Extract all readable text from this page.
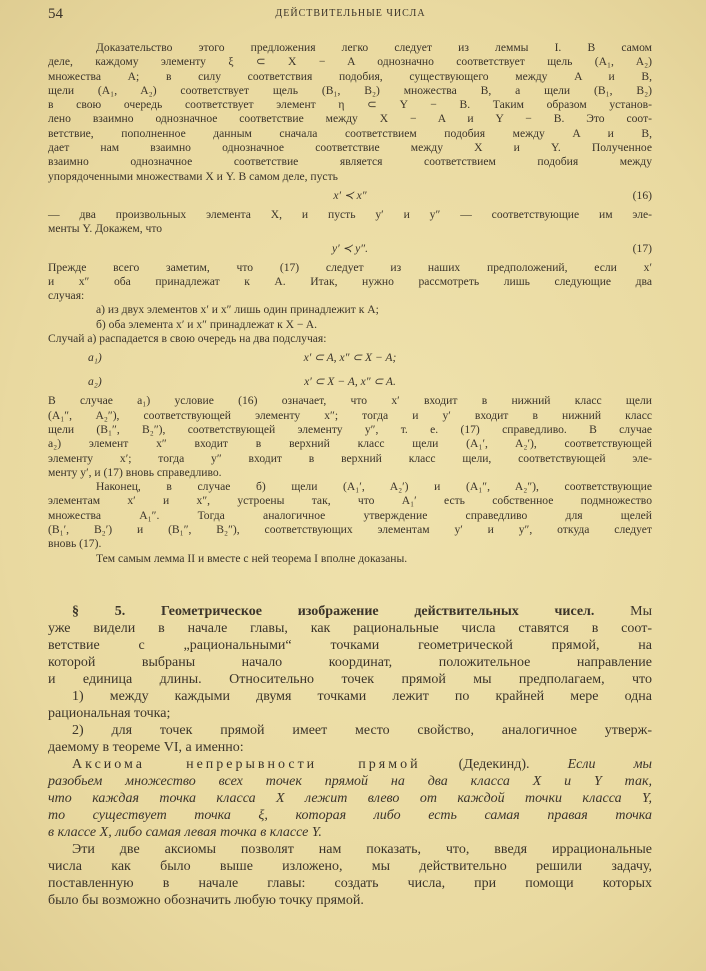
54	ДЕЙСТВИТЕЛЬНЫЕ ЧИСЛА
Доказательство этого предложения легко следует из леммы I. В самом
деле, каждому элементу ξ ⊂ X − A однозначно соответствует щель (A₁, A₂)
множества A; в силу соответствия подобия, существующего между A и B,
щели (A₁, A₂) соответствует щель (B₁, B₂) множества B, а щели (B₁, B₂)
в свою очередь соответствует элемент η ⊂ Y − B. Таким образом установ-
лено взаимно однозначное соответствие между X − A и Y − B. Это соот-
ветствие, пополненное данным сначала соответствием подобия между A и B,
дает нам взаимно однозначное соответствие между X и Y. Полученное
взаимно однозначное соответствие является соответствием подобия между
упорядоченными множествами X и Y. В самом деле, пусть
x′ ≺ x″	(16)
— два произвольных элемента X, и пусть y′ и y″ — соответствующие им эле-
менты Y. Докажем, что
y′ ≺ y″.	(17)
Прежде всего заметим, что (17) следует из наших предположений, если x′
и x″ оба принадлежат к A. Итак, нужно рассмотреть лишь следующие два
случая:
а) из двух элементов x′ и x″ лишь один принадлежит к A;
б) оба элемента x′ и x″ принадлежат к X − A.
Случай а) распадается в свою очередь на два подслучая:
a₁)	x′ ⊂ A, x″ ⊂ X − A;
a₂)	x′ ⊂ X − A, x″ ⊂ A.
В случае a₁) условие (16) означает, что x′ входит в нижний класс щели
(A₁″, A₂″), соответствующей элементу x″; тогда и y′ входит в нижний класс
щели (B₁″, B₂″), соответствующей элементу y″, т. е. (17) справедливо. В случае
a₂) элемент x″ входит в верхний класс щели (A₁′, A₂′), соответствующей
элементу x′; тогда y″ входит в верхний класс щели, соответствующей эле-
менту y′, и (17) вновь справедливо.
Наконец, в случае б) щели (A₁′, A₂′) и (A₁″, A₂″), соответствующие
элементам x′ и x″, устроены так, что A₁′ есть собственное подмножество
множества A₁″. Тогда аналогичное утверждение справедливо для щелей
(B₁′, B₂′) и (B₁″, B₂″), соответствующих элементам y′ и y″, откуда следует
вновь (17).
Тем самым лемма II и вместе с ней теорема I вполне доказаны.
§ 5. Геометрическое изображение действительных чисел. Мы
уже видели в начале главы, как рациональные числа ставятся в соот-
ветствие с „рациональными“ точками геометрической прямой, на
которой выбраны начало координат, положительное направление
и единица длины. Относительно точек прямой мы предполагаем, что
1) между каждыми двумя точками лежит по крайней мере одна
рациональная точка;
2) для точек прямой имеет место свойство, аналогичное утверж-
даемому в теореме VI, а именно:
Аксиома непрерывности прямой (Дедекинд). Если мы
разобьем множество всех точек прямой на два класса X и Y так,
что каждая точка класса X лежит влево от каждой точки класса Y,
то существует точка ξ, которая либо есть самая правая точка
в классе X, либо самая левая точка в классе Y.
Эти две аксиомы позволят нам показать, что, введя иррациональные
числа как было выше изложено, мы действительно решили задачу,
поставленную в начале главы: создать числа, при помощи которых
было бы возможно обозначить любую точку прямой.
